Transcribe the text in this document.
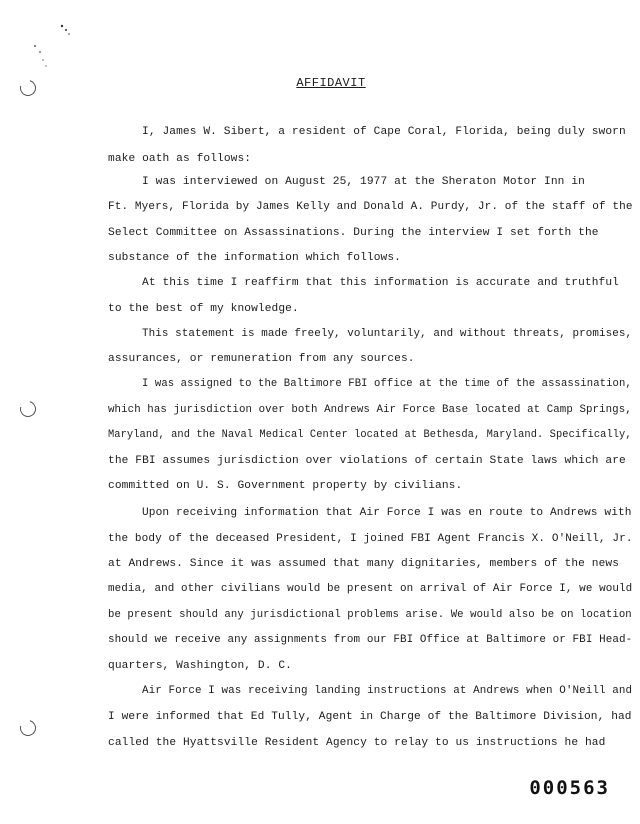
AFFIDAVIT
I, James W. Sibert, a resident of Cape Coral, Florida, being duly sworn
make oath as follows:
I was interviewed on August 25, 1977 at the Sheraton Motor Inn in
Ft. Myers, Florida by James Kelly and Donald A. Purdy, Jr. of the staff of the
Select Committee on Assassinations. During the interview I set forth the
substance of the information which follows.
At this time I reaffirm that this information is accurate and truthful
to the best of my knowledge.
This statement is made freely, voluntarily, and without threats, promises,
assurances, or remuneration from any sources.
I was assigned to the Baltimore FBI office at the time of the assassination,
which has jurisdiction over both Andrews Air Force Base located at Camp Springs,
Maryland, and the Naval Medical Center located at Bethesda, Maryland. Specifically,
the FBI assumes jurisdiction over violations of certain State laws which are
committed on U. S. Government property by civilians.
Upon receiving information that Air Force I was en route to Andrews with
the body of the deceased President, I joined FBI Agent Francis X. O'Neill, Jr.
at Andrews. Since it was assumed that many dignitaries, members of the news
media, and other civilians would be present on arrival of Air Force I, we would
be present should any jurisdictional problems arise. We would also be on location
should we receive any assignments from our FBI Office at Baltimore or FBI Head-
quarters, Washington, D. C.
Air Force I was receiving landing instructions at Andrews when O'Neill and
I were informed that Ed Tully, Agent in Charge of the Baltimore Division, had
called the Hyattsville Resident Agency to relay to us instructions he had
000563
